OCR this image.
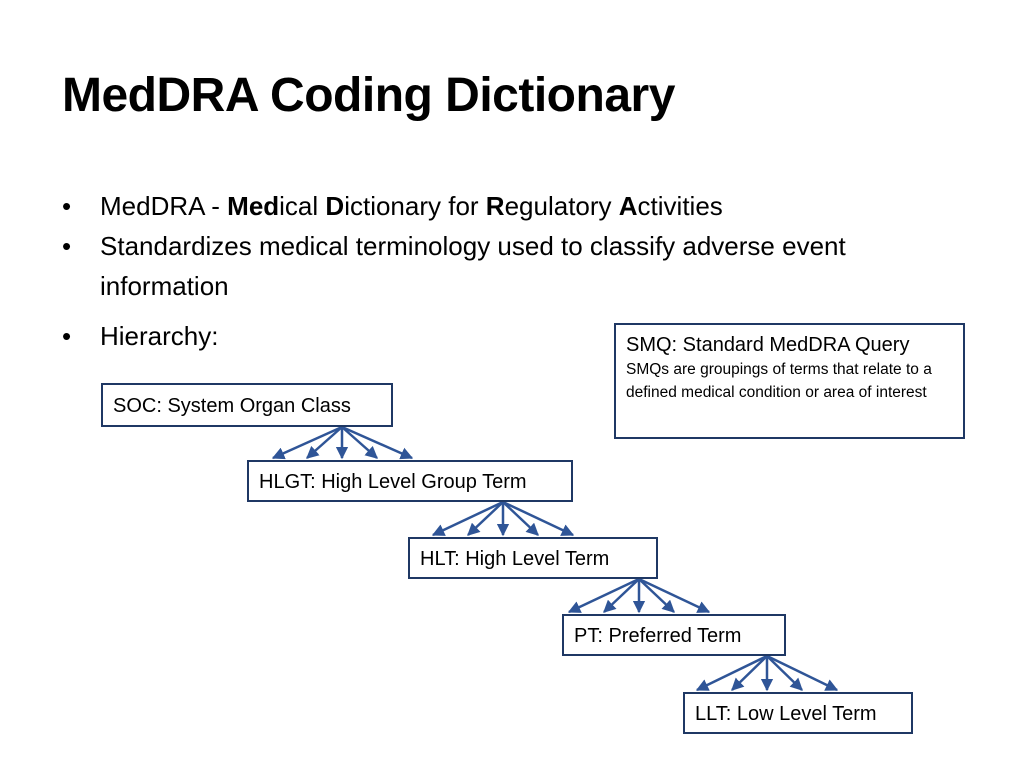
MedDRA Coding Dictionary
• MedDRA - Medical Dictionary for Regulatory Activities
• Standardizes medical terminology used to classify adverse event information
• Hierarchy:
SOC: System Organ Class
HLGT: High Level Group Term
HLT: High Level Term
PT: Preferred Term
LLT: Low Level Term
SMQ: Standard MedDRA Query
SMQs are groupings of terms that relate to a defined medical condition or area of interest
